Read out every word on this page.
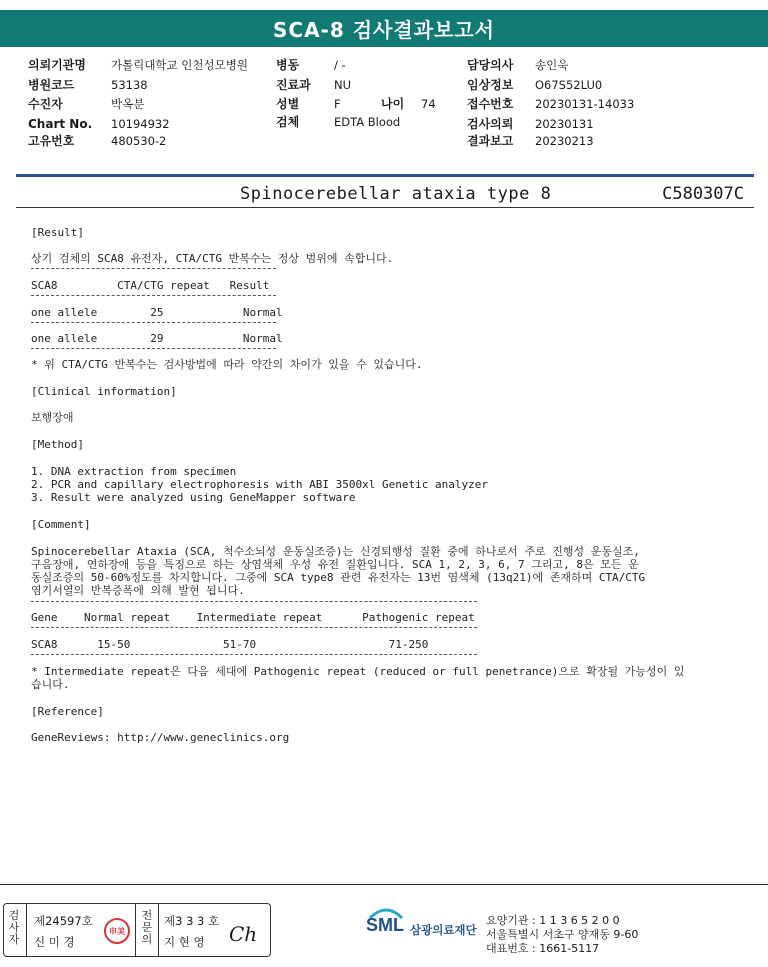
SCA-8 검사결과보고서
의뢰기관명 가톨릭대학교 인천성모병원
병원코드	53138
수진자	박옥분
Chart No. 10194932
고유번호	480530-2
병동	/ -
진료과 NU
성별	F	나이 74
검체	EDTA Blood
담당의사 송인욱
임상정보 O67S52LU0
접수번호 20230131-14033
검사의뢰 20230131
결과보고 20230213
Spinocerebellar ataxia type 8	C580307C
[Result]
상기 검체의 SCA8 유전자, CTA/CTG 반복수는 정상 범위에 속합니다.
SCA8         CTA/CTG repeat   Result
one allele        25            Normal
one allele        29            Normal
* 위 CTA/CTG 반복수는 검사방법에 따라 약간의 차이가 있을 수 있습니다.
[Clinical information]
보행장애
[Method]
1. DNA extraction from specimen
2. PCR and capillary electrophoresis with ABI 3500xl Genetic analyzer
3. Result were analyzed using GeneMapper software
[Comment]
Spinocerebellar Ataxia (SCA, 척수소뇌성 운동실조증)는 신경퇴행성 질환 중에 하나로서 주로 진행성 운동실조,
구음장애, 연하장애 등을 특징으로 하는 상염색체 우성 유전 질환입니다. SCA 1, 2, 3, 6, 7 그리고, 8은 모든 운
동실조증의 50-60%정도를 차지합니다. 그중에 SCA type8 관련 유전자는 13번 염색체 (13q21)에 존재하며 CTA/CTG
염기서열의 반복증폭에 의해 발현 됩니다.
Gene    Normal repeat    Intermediate repeat      Pathogenic repeat
SCA8      15-50              51-70                    71-250
* Intermediate repeat은 다음 세대에 Pathogenic repeat (reduced or full penetrance)으로 확장될 가능성이 있
습니다.
[Reference]
GeneReviews: http://www.geneclinics.org
검사자
제24597호
신 미 경
申美
전문의
제3 3 3 호
지 현 영 Ch	SML 삼광의료재단
요양기관 : 1 1 3 6 5 2 0 0
서울특별시 서초구 양재동 9-60
대표번호 : 1661-5117
